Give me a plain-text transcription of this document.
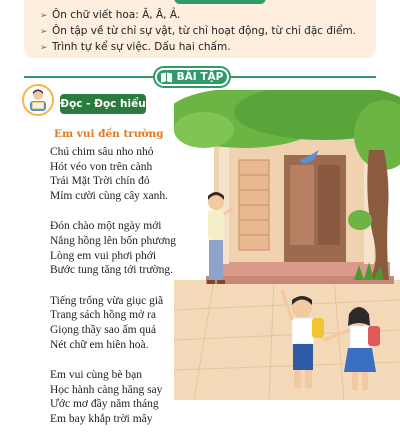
➢ Ôn chữ viết hoa: Ă, Â, Ả.
➢ Ôn tập về từ chỉ sự vật, từ chỉ hoạt động, từ chỉ đặc điểm.
➢ Trình tự kể sự việc. Dấu hai chấm.
BÀI TẬP
Đọc - Đọc hiểu
Em vui đến trường
Chú chim sâu nho nhỏ
Hót véo von trên cành
Trái Mặt Trời chín đỏ
Mỉm cười cùng cây xanh.
Đón chào một ngày mới
Nắng hồng lên bốn phương
Lòng em vui phơi phới
Bước tung tăng tới trường.
Tiếng trống vừa giục giã
Trang sách hồng mở ra
Giọng thầy sao ấm quá
Nét chữ em hiền hoà.
Em vui cùng bè bạn
Học hành càng hăng say
Ước mơ đầy năm tháng
Em bay khắp trời mây
